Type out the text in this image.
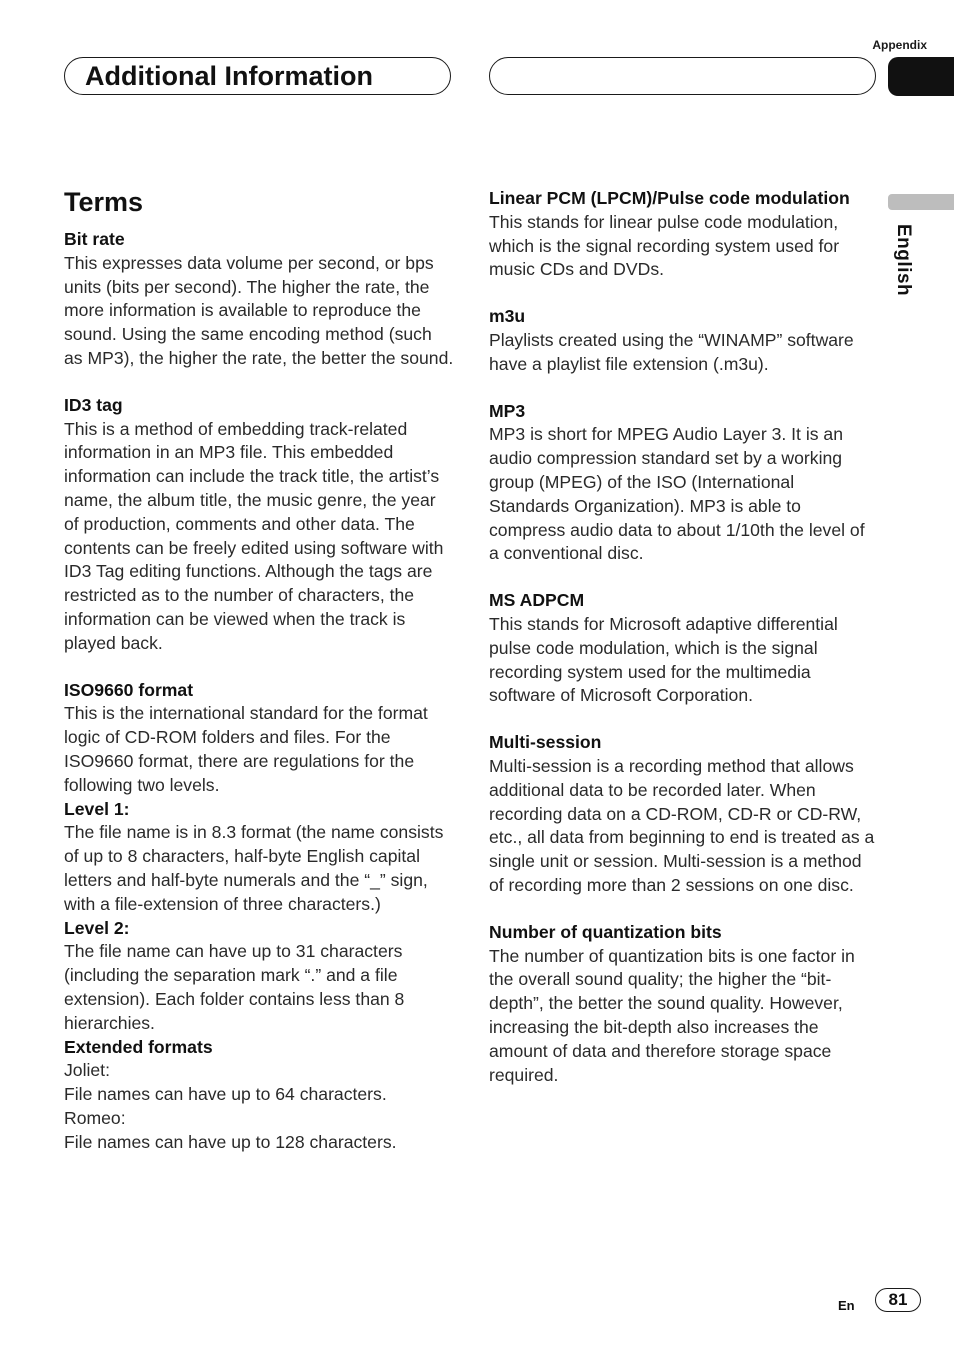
Appendix
Additional Information
English
Terms
Bit rate
This expresses data volume per second, or bps units (bits per second). The higher the rate, the more information is available to reproduce the sound. Using the same encoding method (such as MP3), the higher the rate, the better the sound.
ID3 tag
This is a method of embedding track-related information in an MP3 file. This embedded information can include the track title, the artist’s name, the album title, the music genre, the year of production, comments and other data. The contents can be freely edited using software with ID3 Tag editing functions. Although the tags are restricted as to the number of characters, the information can be viewed when the track is played back.
ISO9660 format
This is the international standard for the format logic of CD-ROM folders and files. For the ISO9660 format, there are regulations for the following two levels.
Level 1:
The file name is in 8.3 format (the name consists of up to 8 characters, half-byte English capital letters and half-byte numerals and the “_” sign, with a file-extension of three characters.)
Level 2:
The file name can have up to 31 characters (including the separation mark “.” and a file extension). Each folder contains less than 8 hierarchies.
Extended formats
Joliet:
File names can have up to 64 characters.
Romeo:
File names can have up to 128 characters.
Linear PCM (LPCM)/Pulse code modulation
This stands for linear pulse code modulation, which is the signal recording system used for music CDs and DVDs.
m3u
Playlists created using the “WINAMP” software have a playlist file extension (.m3u).
MP3
MP3 is short for MPEG Audio Layer 3. It is an audio compression standard set by a working group (MPEG) of the ISO (International Standards Organization). MP3 is able to compress audio data to about 1/10th the level of a conventional disc.
MS ADPCM
This stands for Microsoft adaptive differential pulse code modulation, which is the signal recording system used for the multimedia software of Microsoft Corporation.
Multi-session
Multi-session is a recording method that allows additional data to be recorded later. When recording data on a CD-ROM, CD-R or CD-RW, etc., all data from beginning to end is treated as a single unit or session. Multi-session is a method of recording more than 2 sessions on one disc.
Number of quantization bits
The number of quantization bits is one factor in the overall sound quality; the higher the “bit-depth”, the better the sound quality. However, increasing the bit-depth also increases the amount of data and therefore storage space required.
En	81
